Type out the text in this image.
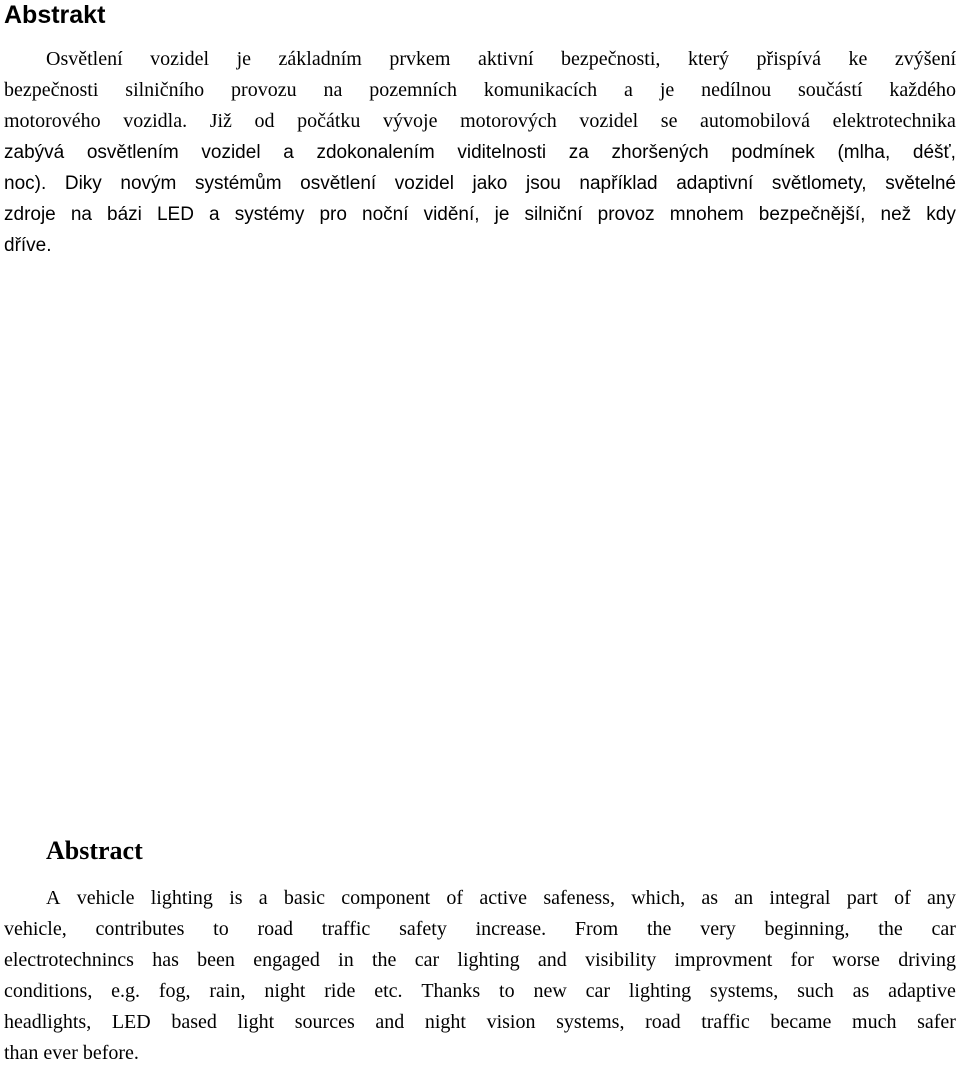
Abstrakt
Osvětlení vozidel je základním prvkem aktivní bezpečnosti, který přispívá ke zvýšení
bezpečnosti silničního provozu na pozemních komunikacích a je nedílnou součástí každého
motorového vozidla. Již od počátku vývoje motorových vozidel se automobilová elektrotechnika
zabývá osvětlením vozidel a zdokonalením viditelnosti za zhoršených podmínek (mlha, déšť,
noc). Diky novým systémům osvětlení vozidel jako jsou například adaptivní světlomety, světelné
zdroje na bázi LED a systémy pro noční vidění, je silniční provoz mnohem bezpečnější, než kdy
dříve.
Abstract
A vehicle lighting is a basic component of active safeness, which, as an integral part of any
vehicle, contributes to road traffic safety increase. From the very beginning, the car
electrotechnincs has been engaged in the car lighting and visibility improvment for worse driving
conditions, e.g. fog, rain, night ride etc. Thanks to new car lighting systems, such as adaptive
headlights, LED based light sources and night vision systems, road traffic became much safer
than ever before.
